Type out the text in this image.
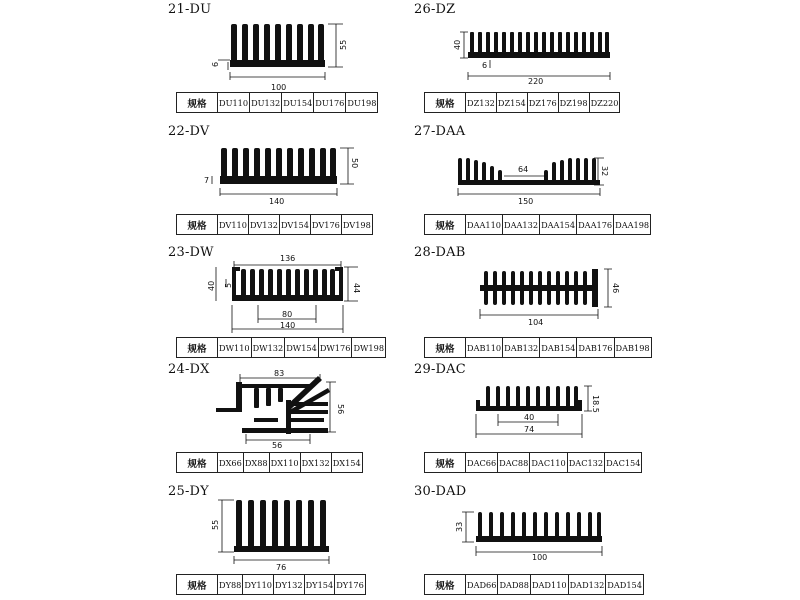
21-DU
55
6
100
规格	DU110	DU132	DU154	DU176	DU198
22-DV
50
7
140
规格	DV110	DV132	DV154	DV176	DV198
23-DW	136
40 5	44
80
140
规格	DW110	DW132	DW154	DW176	DW198
24-DX	83
56
56
规格	DX66	DX88	DX110	DX132	DX154
25-DY
55
76
规格	DY88	DY110	DY132	DY154	DY176
26-DZ
40
6
220
规格	DZ132	DZ154	DZ176	DZ198	DZ220
27-DAA
64	32
150
规格	DAA110	DAA132	DAA154	DAA176	DAA198
28-DAB
46
104
规格	DAB110	DAB132	DAB154	DAB176	DAB198
29-DAC
18.5
40
74
规格	DAC66	DAC88	DAC110	DAC132	DAC154
30-DAD
33
100
规格	DAD66	DAD88	DAD110	DAD132	DAD154
